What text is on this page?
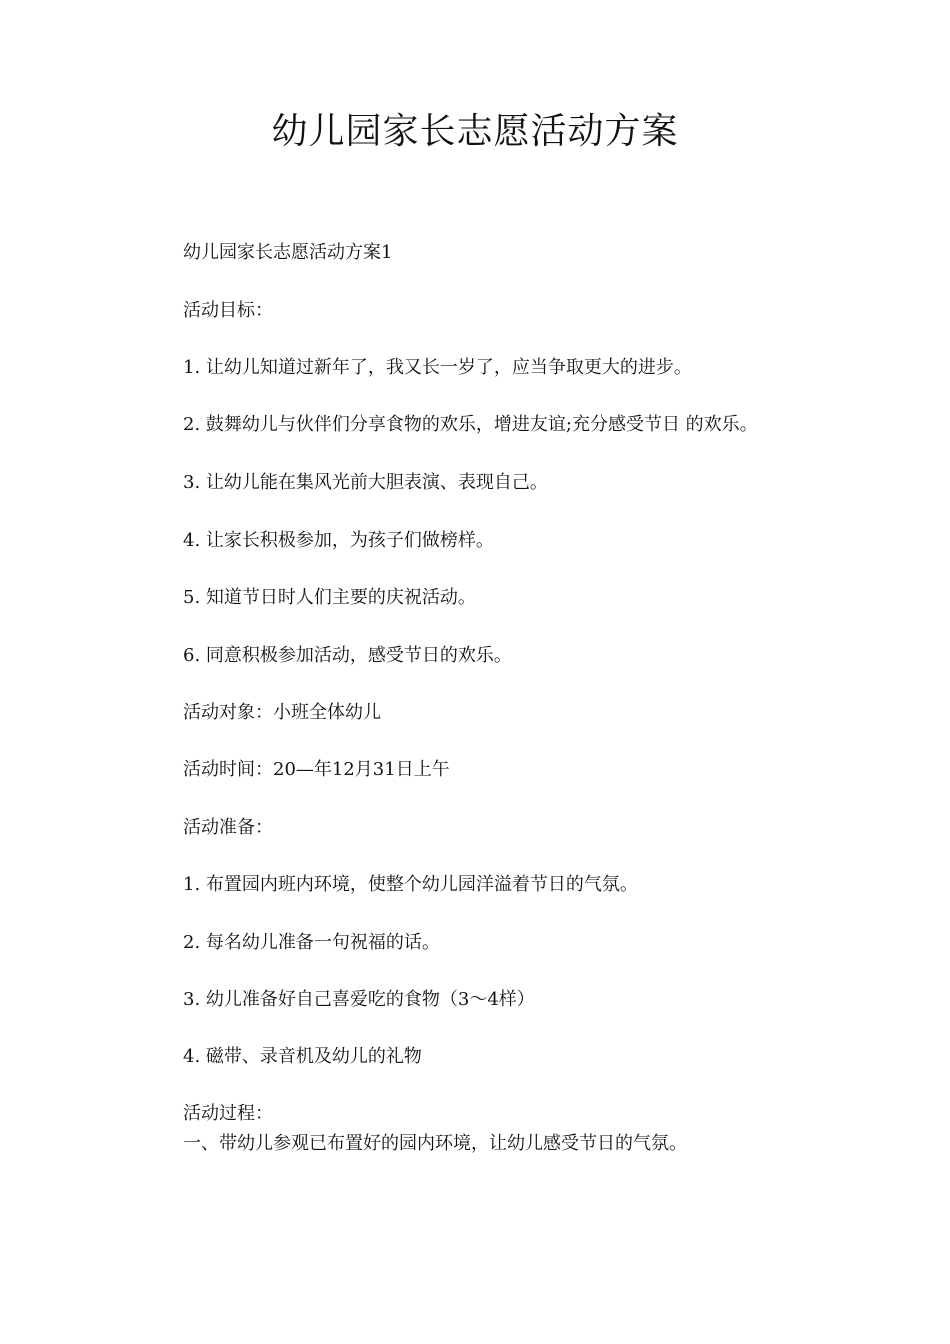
幼儿园家长志愿活动方案

幼儿园家长志愿活动方案1

活动目标：

1. 让幼儿知道过新年了，我又长一岁了，应当争取更大的进步。

2. 鼓舞幼儿与伙伴们分享食物的欢乐，增进友谊;充分感受节日 的欢乐。

3. 让幼儿能在集风光前大胆表演、表现自己。

4. 让家长积极参加，为孩子们做榜样。

5. 知道节日时人们主要的庆祝活动。

6. 同意积极参加活动，感受节日的欢乐。

活动对象：小班全体幼儿

活动时间：20—年12月31日上午

活动准备：

1. 布置园内班内环境，使整个幼儿园洋溢着节日的气氛。

2. 每名幼儿准备一句祝福的话。

3. 幼儿准备好自己喜爱吃的食物（3〜4样）

4. 磁带、录音机及幼儿的礼物

活动过程：

一、带幼儿参观已布置好的园内环境，让幼儿感受节日的气氛。
